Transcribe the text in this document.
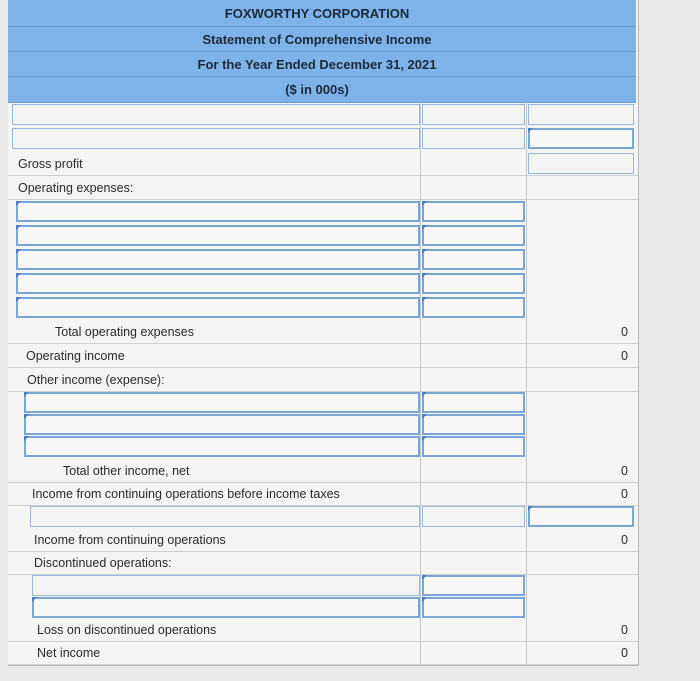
FOXWORTHY CORPORATION
Statement of Comprehensive Income
For the Year Ended December 31, 2021
($ in 000s)
Gross profit
Operating expenses:
Total operating expenses	0
Operating income	0
Other income (expense):
Total other income, net	0
Income from continuing operations before income taxes	0
Income from continuing operations	0
Discontinued operations:
Loss on discontinued operations	0
Net income	0
